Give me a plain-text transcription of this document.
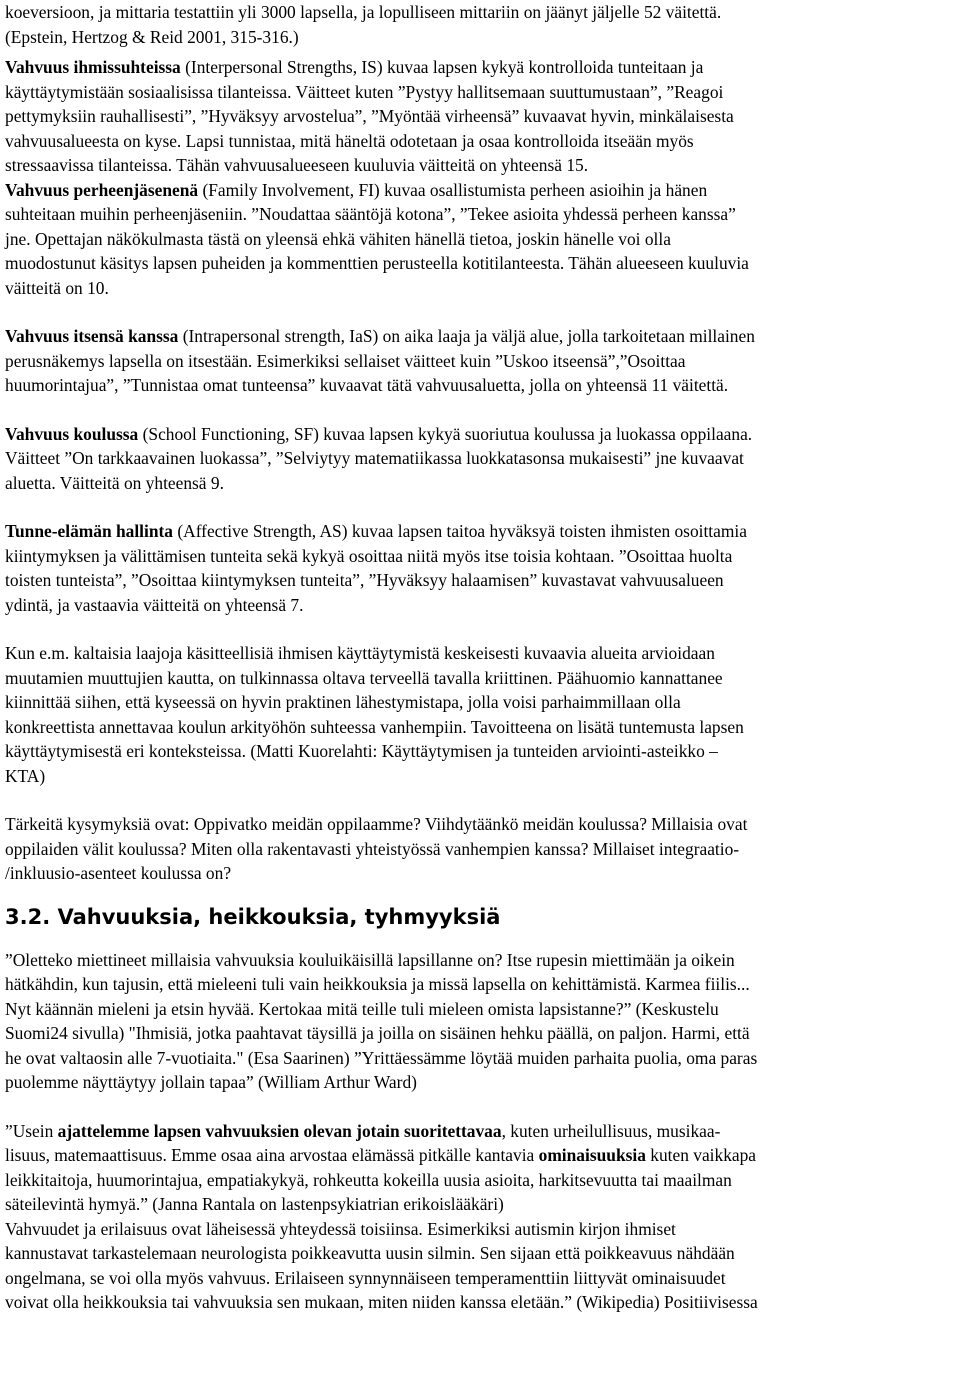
koeversioon, ja mittaria testattiin yli 3000 lapsella, ja lopulliseen mittariin on jäänyt jäljelle 52 väitettä.
(Epstein, Hertzog & Reid 2001, 315-316.)

Vahvuus ihmissuhteissa (Interpersonal Strengths, IS) kuvaa lapsen kykyä kontrolloida tunteitaan ja
käyttäytymistään sosiaalisissa tilanteissa. Väitteet kuten ”Pystyy hallitsemaan suuttumustaan”, ”Reagoi
pettymyksiin rauhallisesti”, ”Hyväksyy arvostelua”, ”Myöntää virheensä” kuvaavat hyvin, minkälaisesta
vahvuusalueesta on kyse. Lapsi tunnistaa, mitä häneltä odotetaan ja osaa kontrolloida itseään myös
stressaavissa tilanteissa. Tähän vahvuusalueeseen kuuluvia väitteitä on yhteensä 15.

Vahvuus perheenjäsenenä (Family Involvement, FI) kuvaa osallistumista perheen asioihin ja hänen
suhteitaan muihin perheenjäseniin. ”Noudattaa sääntöjä kotona”, ”Tekee asioita yhdessä perheen kanssa”
jne. Opettajan näkökulmasta tästä on yleensä ehkä vähiten hänellä tietoa, joskin hänelle voi olla
muodostunut käsitys lapsen puheiden ja kommenttien perusteella kotitilanteesta. Tähän alueeseen kuuluvia
väitteitä on 10.

Vahvuus itsensä kanssa (Intrapersonal strength, IaS) on aika laaja ja väljä alue, jolla tarkoitetaan millainen
perusnäkemys lapsella on itsestään. Esimerkiksi sellaiset väitteet kuin ”Uskoo itseensä”,”Osoittaa
huumorintajua”, ”Tunnistaa omat tunteensa” kuvaavat tätä vahvuusaluetta, jolla on yhteensä 11 väitettä.

Vahvuus koulussa (School Functioning, SF) kuvaa lapsen kykyä suoriutua koulussa ja luokassa oppilaana.
Väitteet ”On tarkkaavainen luokassa”, ”Selviytyy matematiikassa luokkatasonsa mukaisesti” jne kuvaavat
aluetta. Väitteitä on yhteensä 9.

Tunne-elämän hallinta (Affective Strength, AS) kuvaa lapsen taitoa hyväksyä toisten ihmisten osoittamia
kiintymyksen ja välittämisen tunteita sekä kykyä osoittaa niitä myös itse toisia kohtaan. ”Osoittaa huolta
toisten tunteista”, ”Osoittaa kiintymyksen tunteita”, ”Hyväksyy halaamisen” kuvastavat vahvuusalueen
ydintä, ja vastaavia väitteitä on yhteensä 7.

Kun e.m. kaltaisia laajoja käsitteellisiä ihmisen käyttäytymistä keskeisesti kuvaavia alueita arvioidaan
muutamien muuttujien kautta, on tulkinnassa oltava terveellä tavalla kriittinen. Päähuomio kannattanee
kiinnittää siihen, että kyseessä on hyvin praktinen lähestymistapa, jolla voisi parhaimmillaan olla
konkreettista annettavaa koulun arkityöhön suhteessa vanhempiin. Tavoitteena on lisätä tuntemusta lapsen
käyttäytymisestä eri konteksteissa. (Matti Kuorelahti: Käyttäytymisen ja tunteiden arviointi-asteikko –
KTA)

Tärkeitä kysymyksiä ovat: Oppivatko meidän oppilaamme? Viihdytäänkö meidän koulussa? Millaisia ovat
oppilaiden välit koulussa? Miten olla rakentavasti yhteistyössä vanhempien kanssa? Millaiset integraatio-
/inkluusio-asenteet koulussa on?

3.2. Vahvuuksia, heikkouksia, tyhmyyksiä

”Oletteko miettineet millaisia vahvuuksia kouluikäisillä lapsillanne on? Itse rupesin miettimään ja oikein
hätkähdin, kun tajusin, että mieleeni tuli vain heikkouksia ja missä lapsella on kehittämistä. Karmea fiilis...
Nyt käännän mieleni ja etsin hyvää. Kertokaa mitä teille tuli mieleen omista lapsistanne?” (Keskustelu
Suomi24 sivulla) "Ihmisiä, jotka paahtavat täysillä ja joilla on sisäinen hehku päällä, on paljon. Harmi, että
he ovat valtaosin alle 7-vuotiaita." (Esa Saarinen) ”Yrittäessämme löytää muiden parhaita puolia, oma paras
puolemme näyttäytyy jollain tapaa” (William Arthur Ward)

”Usein ajattelemme lapsen vahvuuksien olevan jotain suoritettavaa, kuten urheilullisuus, musikaa-
lisuus, matemaattisuus. Emme osaa aina arvostaa elämässä pitkälle kantavia ominaisuuksia kuten vaikkapa
leikkitaitoja, huumorintajua, empatiakykyä, rohkeutta kokeilla uusia asioita, harkitsevuutta tai maailman
säteilevintä hymyä.” (Janna Rantala on lastenpsykiatrian erikoislääkäri)

Vahvuudet ja erilaisuus ovat läheisessä yhteydessä toisiinsa. Esimerkiksi autismin kirjon ihmiset
kannustavat tarkastelemaan neurologista poikkeavutta uusin silmin. Sen sijaan että poikkeavuus nähdään
ongelmana, se voi olla myös vahvuus. Erilaiseen synnynnäiseen temperamenttiin liittyvät ominaisuudet
voivat olla heikkouksia tai vahvuuksia sen mukaan, miten niiden kanssa eletään.” (Wikipedia) Positiivisessa
